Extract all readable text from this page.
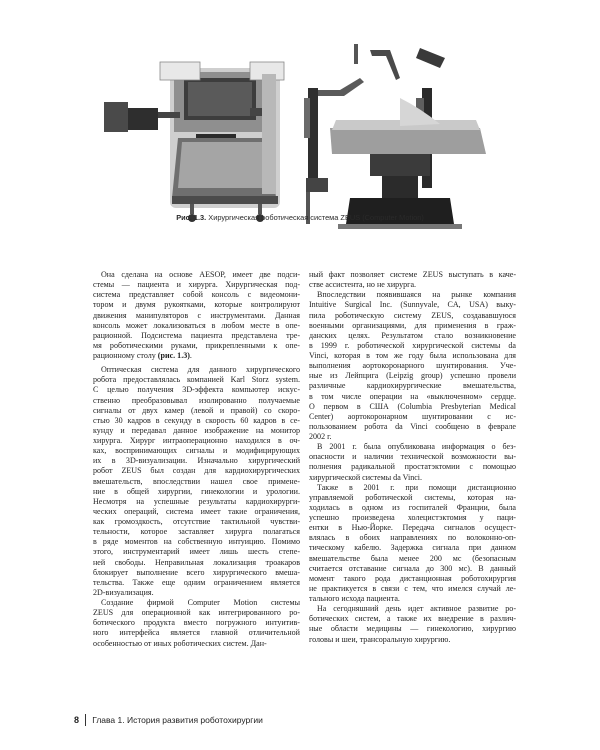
Рис. 1.3. Хирургическая роботическая система ZEUS (Computer Motion)
Она сделана на основе AESOP, имеет две подси-
стемы — пациента и хирурга. Хирургическая под-
система представляет собой консоль с видеомони-
тором и двумя рукоятками, которые контролируют
движения манипуляторов с инструментами. Данная
консоль может локализоваться в любом месте в опе-
рационной. Подсистема пациента представлена тре-
мя роботическими руками, прикрепленными к опе-
рационному столу (рис. 1.3).
Оптическая система для данного хирургического
робота предоставлялась компанией Karl Storz system.
С целью получения 3D-эффекта компьютер искус-
ственно преобразовывал изолированно получаемые
сигналы от двух камер (левой и правой) со скоро-
стью 30 кадров в секунду в скорость 60 кадров в се-
кунду и передавал данное изображение на монитор
хирурга. Хирург интраоперационно находился в оч-
ках, воспринимающих сигналы и модифицирующих
их в 3D-визуализации. Изначально хирургический
робот ZEUS был создан для кардиохирургических
вмешательств, впоследствии нашел свое примене-
ние в общей хирургии, гинекологии и урологии.
Несмотря на успешные результаты кардиохирурги-
ческих операций, система имеет такие ограничения,
как громоздкость, отсутствие тактильной чувстви-
тельности, которое заставляет хирурга полагаться
в ряде моментов на собственную интуицию. Помимо
этого, инструментарий имеет лишь шесть степе-
ней свободы. Неправильная локализация троакаров
блокирует выполнение всего хирургического вмеша-
тельства. Также еще одним ограничением является
2D-визуализация.
Создание фирмой Computer Motion системы
ZEUS для операционной как интегрированного ро-
ботического продукта вместо погружного интуитив-
ного интерфейса является главной отличительной
особенностью от иных роботических систем. Дан-
ный факт позволяет системе ZEUS выступать в каче-
стве ассистента, но не хирурга.
Впоследствии появившаяся на рынке компания
Intuitive Surgical Inc. (Sunnyvale, CA, USA) выку-
пила роботическую систему ZEUS, создававшуюся
военными организациями, для применения в граж-
данских целях. Результатом стало возникновение
в 1999 г. роботической хирургической системы da
Vinci, которая в том же году была использована для
выполнения аортокоронарного шунтирования. Уче-
ные из Лейпцига (Leipzig group) успешно провели
различные кардиохирургические вмешательства,
в том числе операции на «выключенном» сердце.
О первом в США (Columbia Presbyterian Medical
Center) аортокоронарном шунтировании с ис-
пользованием робота da Vinci сообщено в феврале
2002 г.
В 2001 г. была опубликована информация о без-
опасности и наличии технической возможности вы-
полнения радикальной простатэктомии с помощью
хирургической системы da Vinci.
Также в 2001 г. при помощи дистанционно
управляемой роботической системы, которая на-
ходилась в одном из госпиталей Франции, была
успешно произведена холецистэктомия у паци-
ентки в Нью-Йорке. Передача сигналов осущест-
влялась в обоих направлениях по волоконно-оп-
тическому кабелю. Задержка сигнала при данном
вмешательстве была менее 200 мс (безопасным
считается отставание сигнала до 300 мс). В данный
момент такого рода дистанционная роботохирургия
не практикуется в связи с тем, что имелся случай ле-
тального исхода пациента.
На сегодняшний день идет активное развитие ро-
ботических систем, а также их внедрение в различ-
ные области медицины — гинекологию, хирургию
головы и шеи, трансоральную хирургию.
8 Глава 1. История развития роботохирургии
